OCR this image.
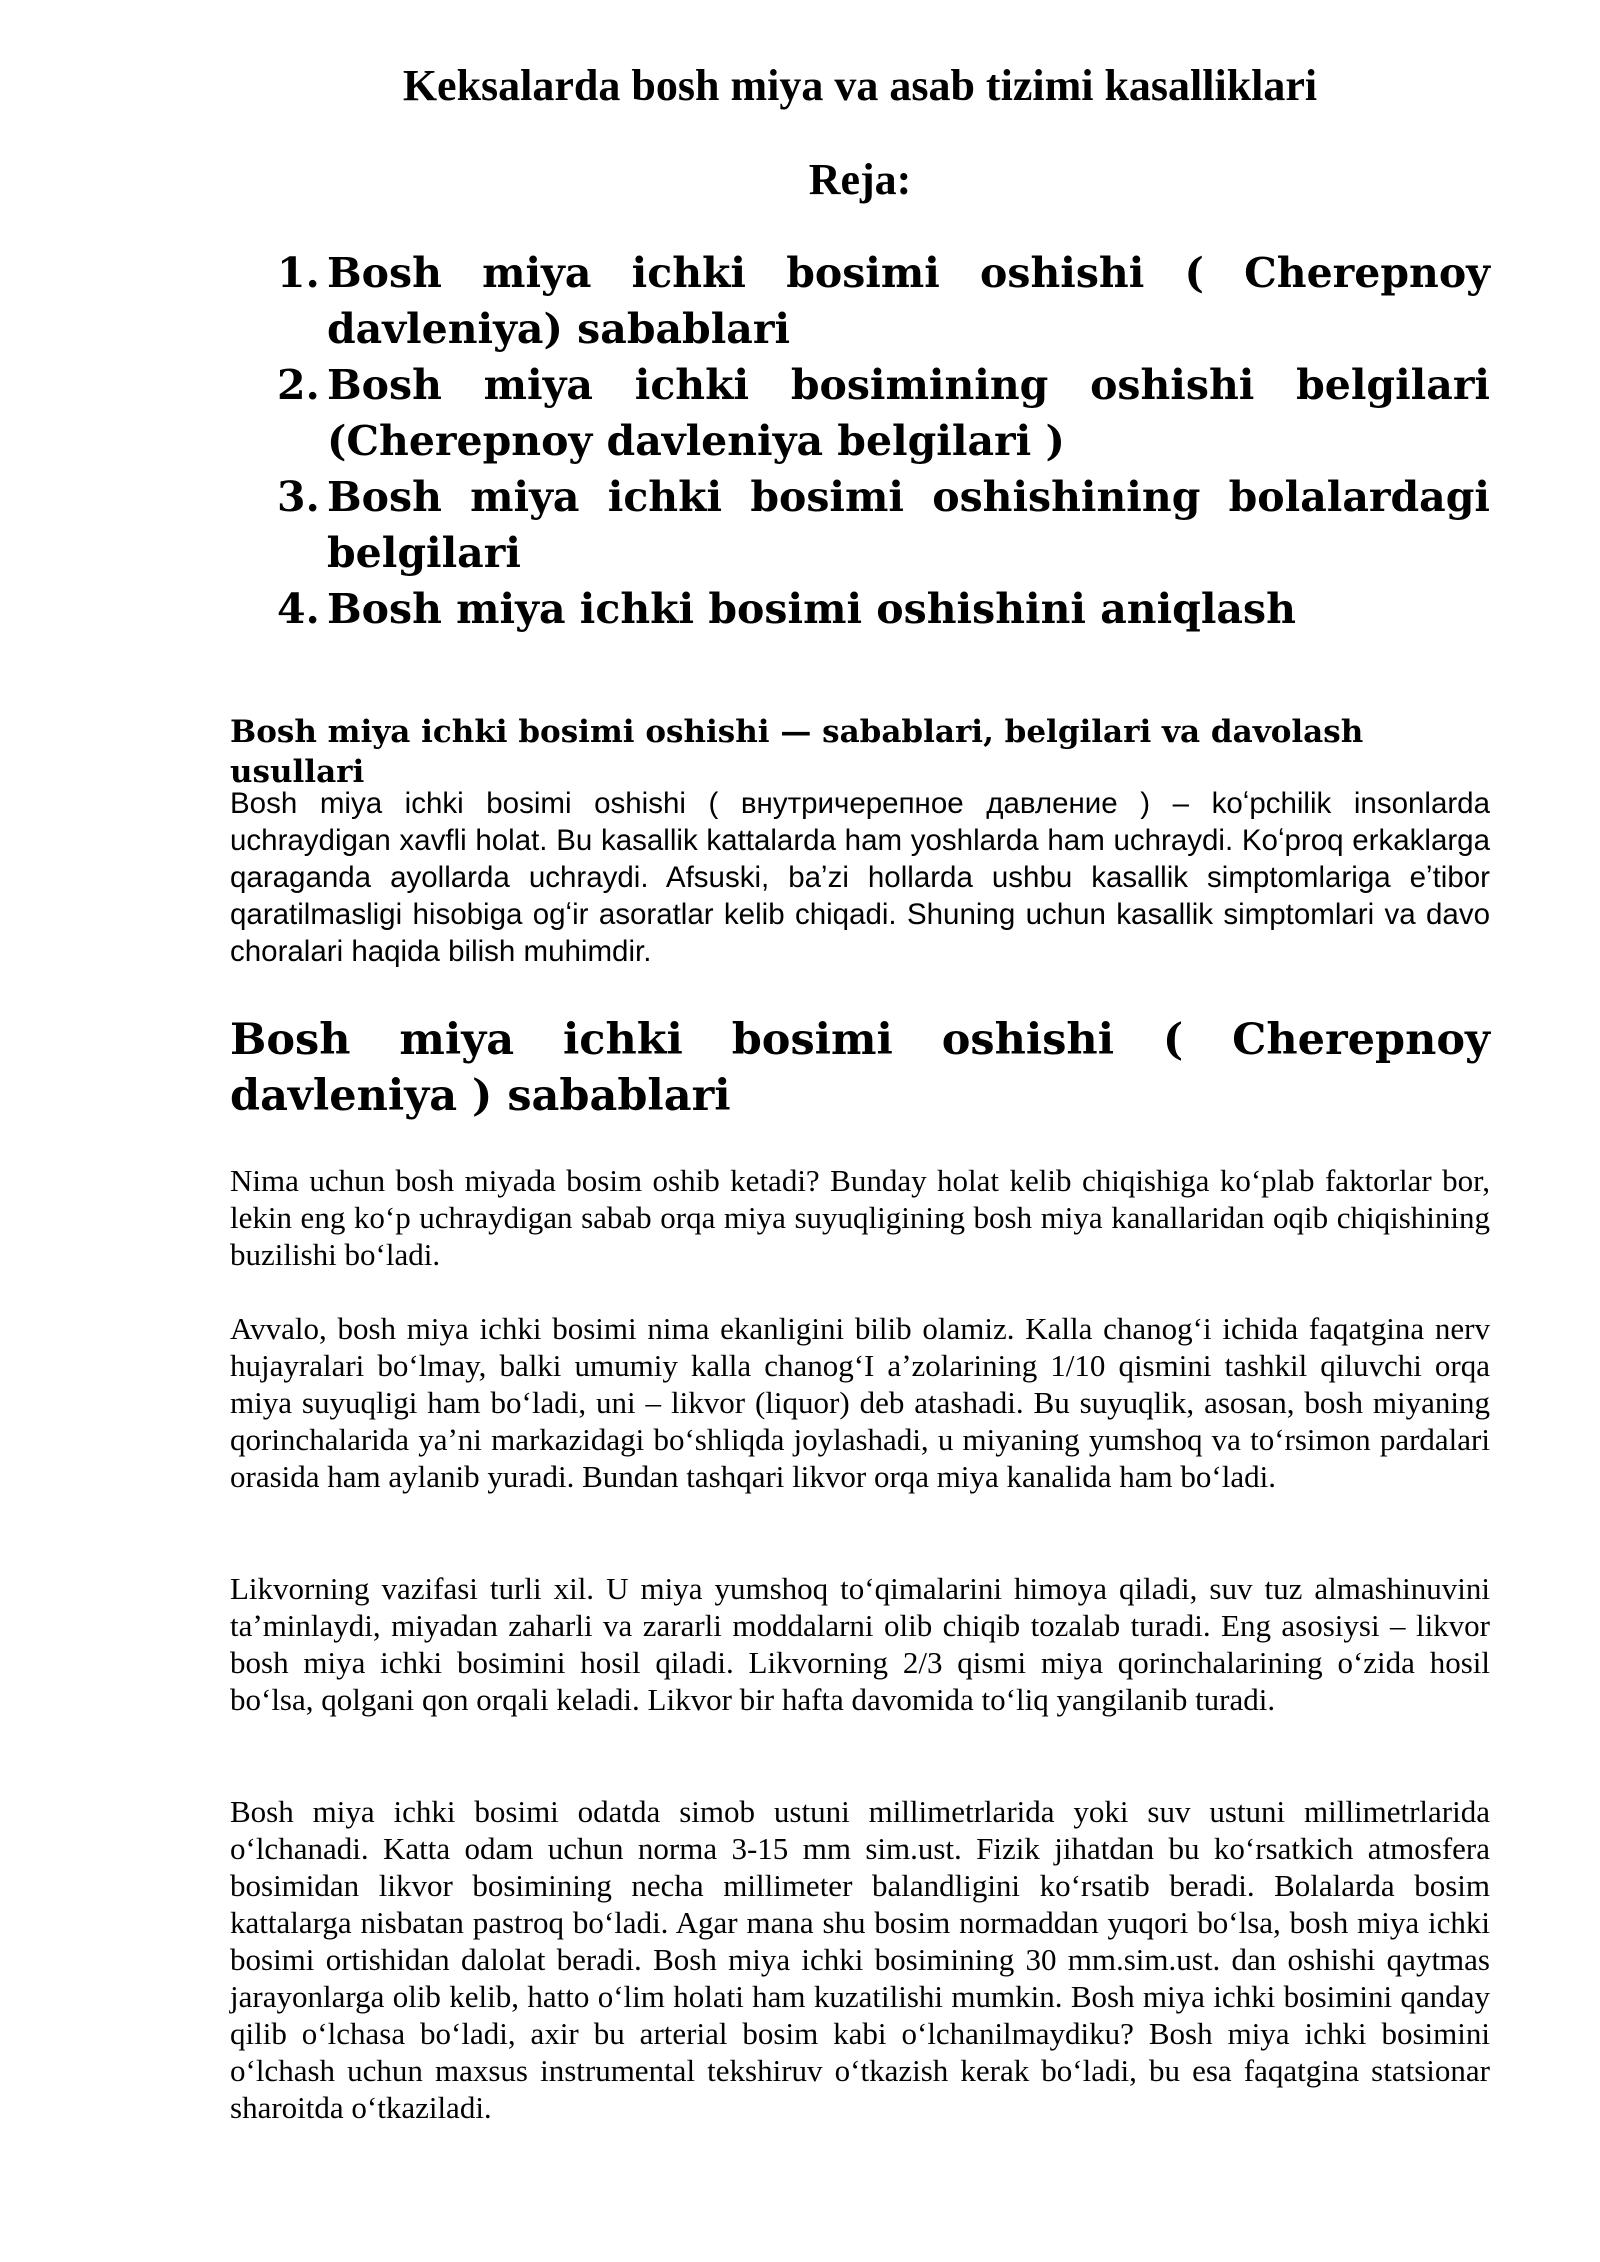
Keksalarda bosh miya va asab tizimi kasalliklari
Reja:
1. Bosh miya ichki bosimi oshishi ( Cherepnoy davleniya) sabablari
2. Bosh miya ichki bosimining oshishi belgilari (Cherepnoy davleniya belgilari )
3. Bosh miya ichki bosimi oshishining bolalardagi belgilari
4. Bosh miya ichki bosimi oshishini aniqlash
Bosh miya ichki bosimi oshishi — sabablari, belgilari va davolash usullari

Bosh miya ichki bosimi oshishi ( внутричерепное давление ) – koʻpchilik insonlarda uchraydigan xavfli holat. Bu kasallik kattalarda ham yoshlarda ham uchraydi. Koʻproq erkaklarga qaraganda ayollarda uchraydi. Afsuski, baʼzi hollarda ushbu kasallik simptomlariga eʼtibor qaratilmasligi hisobiga ogʻir asoratlar kelib chiqadi. Shuning uchun kasallik simptomlari va davo choralari haqida bilish muhimdir.

Bosh miya ichki bosimi oshishi ( Cherepnoy davleniya ) sabablari

Nima uchun bosh miyada bosim oshib ketadi? Bunday holat kelib chiqishiga koʻplab faktorlar bor, lekin eng koʻp uchraydigan sabab orqa miya suyuqligining bosh miya kanallaridan oqib chiqishining buzilishi boʻladi.

Avvalo, bosh miya ichki bosimi nima ekanligini bilib olamiz. Kalla chanogʻi ichida faqatgina nerv hujayralari boʻlmay, balki umumiy kalla chanogʻI aʼzolarining 1/10 qismini tashkil qiluvchi orqa miya suyuqligi ham boʻladi, uni – likvor (liquor) deb atashadi. Bu suyuqlik, asosan, bosh miyaning qorinchalarida yaʼni markazidagi boʻshliqda joylashadi, u miyaning yumshoq va toʻrsimon pardalari orasida ham aylanib yuradi. Bundan tashqari likvor orqa miya kanalida ham boʻladi.

Likvorning vazifasi turli xil. U miya yumshoq toʻqimalarini himoya qiladi, suv tuz almashinuvini taʼminlaydi, miyadan zaharli va zararli moddalarni olib chiqib tozalab turadi. Eng asosiysi – likvor bosh miya ichki bosimini hosil qiladi. Likvorning 2/3 qismi miya qorinchalarining oʻzida hosil boʻlsa, qolgani qon orqali keladi. Likvor bir hafta davomida toʻliq yangilanib turadi.

Bosh miya ichki bosimi odatda simob ustuni millimetrlarida yoki suv ustuni millimetrlarida oʻlchanadi. Katta odam uchun norma 3-15 mm sim.ust. Fizik jihatdan bu koʻrsatkich atmosfera bosimidan likvor bosimining necha millimeter balandligini koʻrsatib beradi. Bolalarda bosim kattalarga nisbatan pastroq boʻladi. Agar mana shu bosim normaddan yuqori boʻlsa, bosh miya ichki bosimi ortishidan dalolat beradi. Bosh miya ichki bosimining 30 mm.sim.ust. dan oshishi qaytmas jarayonlarga olib kelib, hatto oʻlim holati ham kuzatilishi mumkin. Bosh miya ichki bosimini qanday qilib oʻlchasa boʻladi, axir bu arterial bosim kabi oʻlchanilmaydiku? Bosh miya ichki bosimini oʻlchash uchun maxsus instrumental tekshiruv oʻtkazish kerak boʻladi, bu esa faqatgina statsionar sharoitda oʻtkaziladi.
